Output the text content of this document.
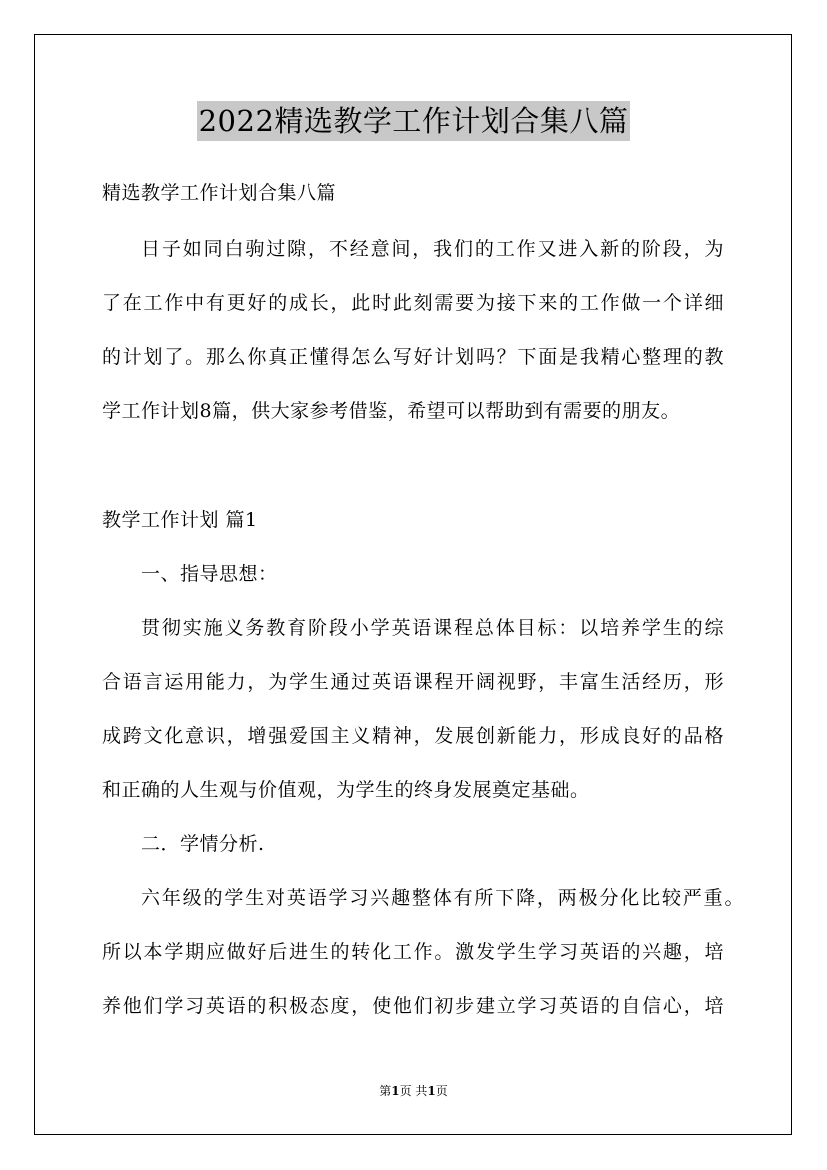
2022精选教学工作计划合集八篇
精选教学工作计划合集八篇
日子如同白驹过隙，不经意间，我们的工作又进入新的阶段，为
了在工作中有更好的成长，此时此刻需要为接下来的工作做一个详细
的计划了。那么你真正懂得怎么写好计划吗？下面是我精心整理的教
学工作计划8篇，供大家参考借鉴，希望可以帮助到有需要的朋友。
教学工作计划 篇1
一、指导思想：
贯彻实施义务教育阶段小学英语课程总体目标：以培养学生的综
合语言运用能力，为学生通过英语课程开阔视野，丰富生活经历，形
成跨文化意识，增强爱国主义精神，发展创新能力，形成良好的品格
和正确的人生观与价值观，为学生的终身发展奠定基础。
二．学情分析.
六年级的学生对英语学习兴趣整体有所下降，两极分化比较严重。
所以本学期应做好后进生的转化工作。激发学生学习英语的兴趣，培
养他们学习英语的积极态度，使他们初步建立学习英语的自信心，培
第1页 共1页
